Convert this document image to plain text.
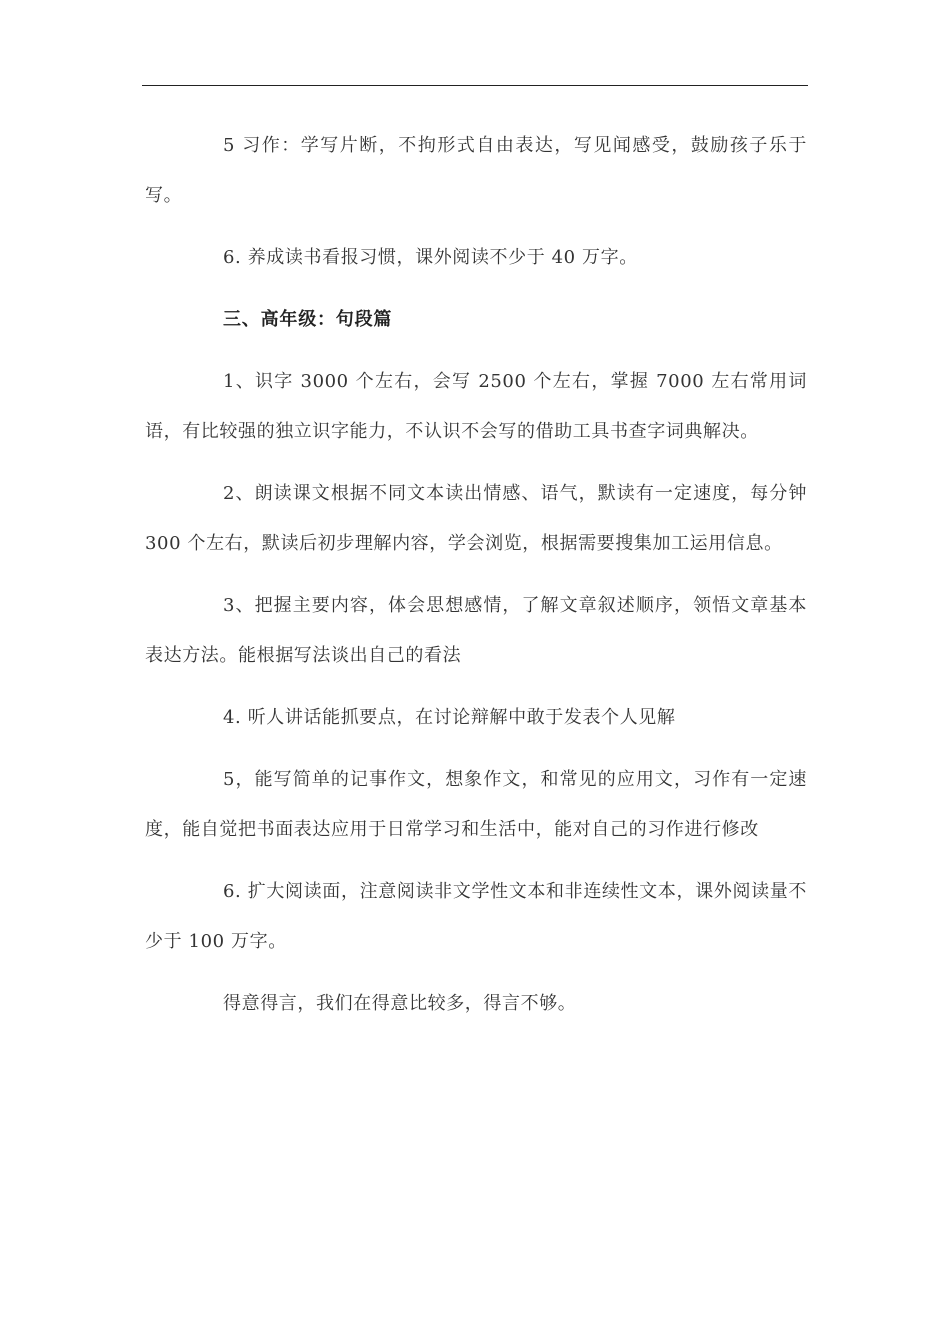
5 习作：学写片断，不拘形式自由表达，写见闻感受，鼓励孩子乐于写。

6. 养成读书看报习惯，课外阅读不少于 40 万字。

三、高年级：句段篇

1、识字 3000 个左右，会写 2500 个左右，掌握 7000 左右常用词语，有比较强的独立识字能力，不认识不会写的借助工具书查字词典解决。

2、朗读课文根据不同文本读出情感、语气，默读有一定速度，每分钟 300 个左右，默读后初步理解内容，学会浏览，根据需要搜集加工运用信息。

3、把握主要内容，体会思想感情，了解文章叙述顺序，领悟文章基本表达方法。能根据写法谈出自己的看法

4. 听人讲话能抓要点，在讨论辩解中敢于发表个人见解

5，能写简单的记事作文，想象作文，和常见的应用文，习作有一定速度，能自觉把书面表达应用于日常学习和生活中，能对自己的习作进行修改

6. 扩大阅读面，注意阅读非文学性文本和非连续性文本，课外阅读量不少于 100 万字。

得意得言，我们在得意比较多，得言不够。
